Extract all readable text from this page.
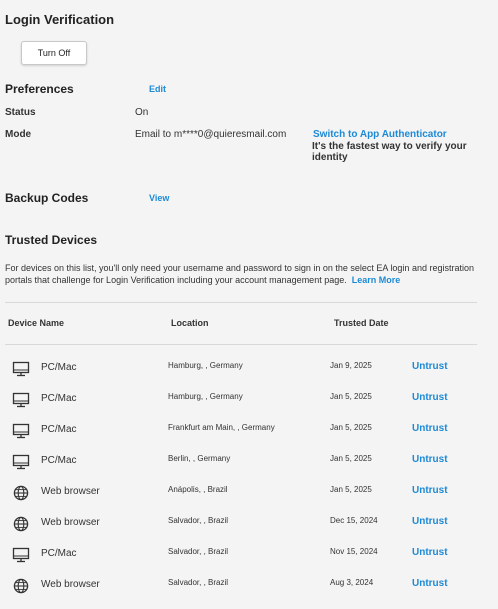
Login Verification
Turn Off
Preferences	Edit
Status	On
Mode	Email to m****0@quieresmail.com	Switch to App Authenticator
It's the fastest way to verify your
identity
Backup Codes	View
Trusted Devices
For devices on this list, you'll only need your username and password to sign in on the select EA login and registration portals that challenge for Login Verification including your account management page. Learn More
Device Name	Location	Trusted Date
PC/Mac	Hamburg, , Germany	Jan 9, 2025	Untrust
PC/Mac	Hamburg, , Germany	Jan 5, 2025	Untrust
PC/Mac	Frankfurt am Main, , Germany	Jan 5, 2025	Untrust
PC/Mac	Berlin, , Germany	Jan 5, 2025	Untrust
Web browser	Anápolis, , Brazil	Jan 5, 2025	Untrust
Web browser	Salvador, , Brazil	Dec 15, 2024	Untrust
PC/Mac	Salvador, , Brazil	Nov 15, 2024	Untrust
Web browser	Salvador, , Brazil	Aug 3, 2024	Untrust
